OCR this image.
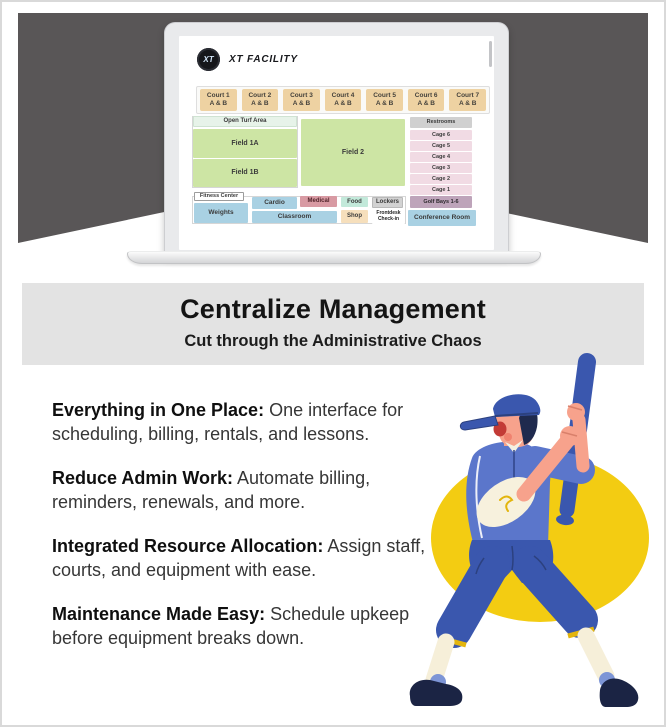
XT XT FACILITY
Court 1
A & B
Court 2
A & B
Court 3
A & B
Court 4
A & B
Court 5
A & B
Court 6
A & B
Court 7
A & B
Open Turf Area
Field 1A
Field 1B
Field 2
Restrooms
Cage 6
Cage 5
Cage 4
Cage 3
Cage 2
Cage 1
Golf Bays 1-6
Fitness Center
Weights
Cardio	Medical	Food	Lockers
Classroom	Shop
Frontdesk Check-in	Conference Room
Centralize Management
Cut through the Administrative Chaos

Everything in One Place: One interface for scheduling, billing, rentals, and lessons.

Reduce Admin Work: Automate billing, reminders, renewals, and more.

Integrated Resource Allocation: Assign staff, courts, and equipment with ease.

Maintenance Made Easy: Schedule upkeep before equipment breaks down.
